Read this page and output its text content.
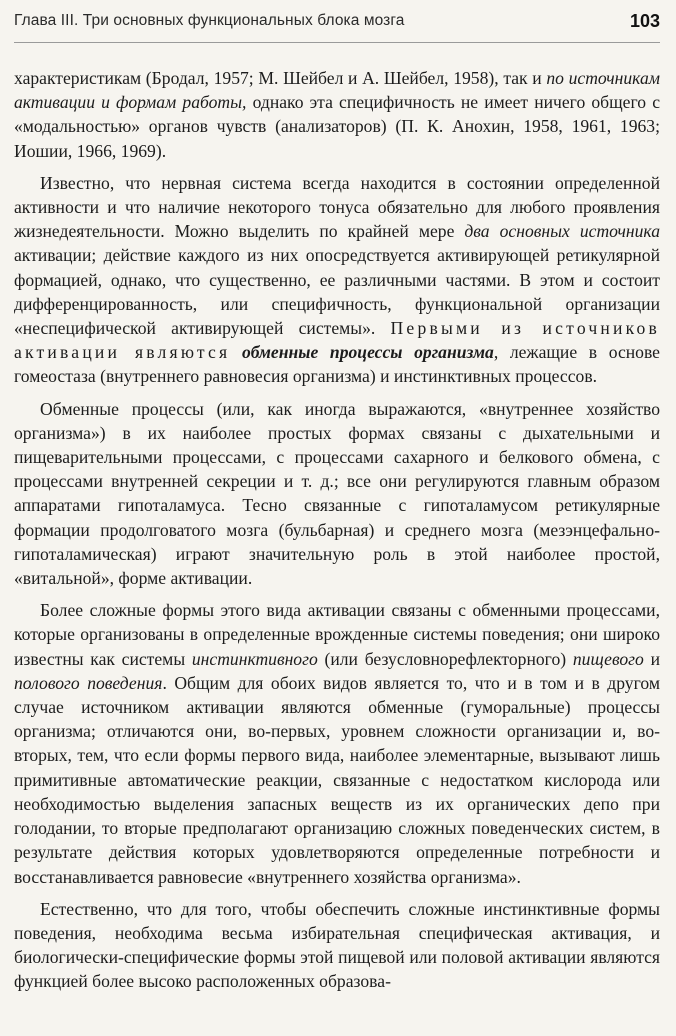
Глава III. Три основных функциональных блока мозга	103

характеристикам (Бродал, 1957; М. Шейбел и А. Шейбел, 1958), так и по источникам активации и формам работы, однако эта специфичность не имеет ничего общего с «модальностью» органов чувств (анализаторов) (П. К. Анохин, 1958, 1961, 1963; Иошии, 1966, 1969).

Известно, что нервная система всегда находится в состоянии определенной активности и что наличие некоторого тонуса обязательно для любого проявления жизнедеятельности. Можно выделить по крайней мере два основных источника активации; действие каждого из них опосредствуется активирующей ретикулярной формацией, однако, что существенно, ее различными частями. В этом и состоит дифференцированность, или специфичность, функциональной организации «неспецифической активирующей системы». Первыми из источников активации являются обменные процессы организма, лежащие в основе гомеостаза (внутреннего равновесия организма) и инстинктивных процессов.

Обменные процессы (или, как иногда выражаются, «внутреннее хозяйство организма») в их наиболее простых формах связаны с дыхательными и пищеварительными процессами, с процессами сахарного и белкового обмена, с процессами внутренней секреции и т. д.; все они регулируются главным образом аппаратами гипоталамуса. Тесно связанные с гипоталамусом ретикулярные формации продолговатого мозга (бульбарная) и среднего мозга (мезэнцефально-гипоталамическая) играют значительную роль в этой наиболее простой, «витальной», форме активации.

Более сложные формы этого вида активации связаны с обменными процессами, которые организованы в определенные врожденные системы поведения; они широко известны как системы инстинктивного (или безусловнорефлекторного) пищевого и полового поведения. Общим для обоих видов является то, что и в том и в другом случае источником активации являются обменные (гуморальные) процессы организма; отличаются они, во-первых, уровнем сложности организации и, во-вторых, тем, что если формы первого вида, наиболее элементарные, вызывают лишь примитивные автоматические реакции, связанные с недостатком кислорода или необходимостью выделения запасных веществ из их органических депо при голодании, то вторые предполагают организацию сложных поведенческих систем, в результате действия которых удовлетворяются определенные потребности и восстанавливается равновесие «внутреннего хозяйства организма».

Естественно, что для того, чтобы обеспечить сложные инстинктивные формы поведения, необходима весьма избирательная специфическая активация, и биологически-специфические формы этой пищевой или половой активации являются функцией более высоко расположенных образова-
